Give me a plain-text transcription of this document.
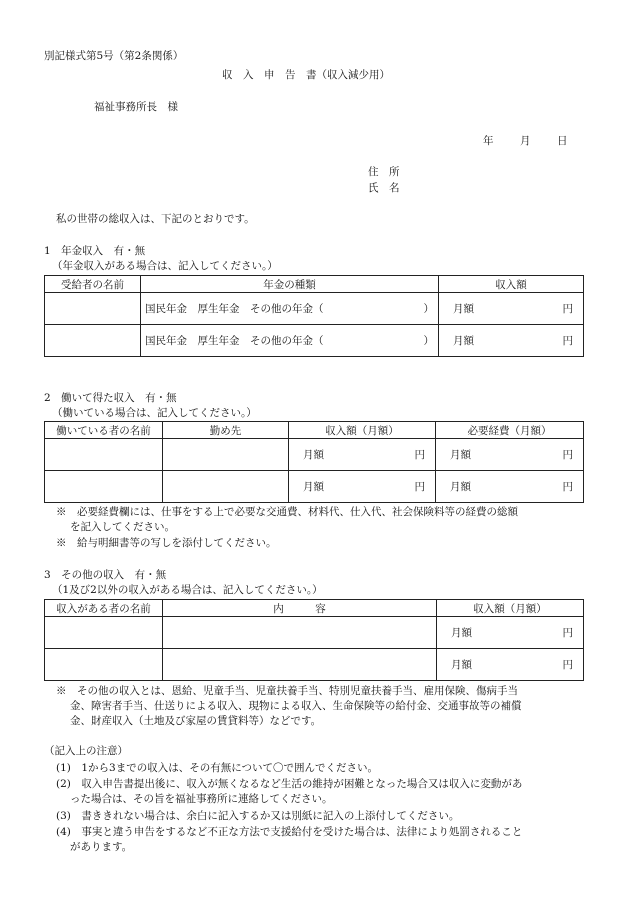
別記様式第5号（第2条関係）
収　入　申　告　書（収入減少用）
福祉事務所長　様
年	月	日
住　所
氏　名
私の世帯の総収入は、下記のとおりです。
1　年金収入　有・無
（年金収入がある場合は、記入してください。）
受給者の名前	年金の種類	収入額

	国民年金　厚生年金　その他の年金（ ）	月額 円

	国民年金　厚生年金　その他の年金（ ）	月額 円
2　働いて得た収入　有・無
（働いている場合は、記入してください。）
働いている者の名前	勤め先	収入額（月額）	必要経費（月額）

		月額 円	月額 円

		月額 円	月額 円
※　必要経費欄には、仕事をする上で必要な交通費、材料代、仕入代、社会保険料等の経費の総額
を記入してください。
※　給与明細書等の写しを添付してください。
3　その他の収入　有・無
（1及び2以外の収入がある場合は、記入してください。）
収入がある者の名前	内　　　容	収入額（月額）

		月額 円

		月額 円
※　その他の収入とは、恩給、児童手当、児童扶養手当、特別児童扶養手当、雇用保険、傷病手当
金、障害者手当、仕送りによる収入、現物による収入、生命保険等の給付金、交通事故等の補償
金、財産収入（土地及び家屋の賃貸料等）などです。
（記入上の注意）
(1)　1から3までの収入は、その有無について〇で囲んでください。
(2)　収入申告書提出後に、収入が無くなるなど生活の維持が困難となった場合又は収入に変動があ
った場合は、その旨を福祉事務所に連絡してください。
(3)　書ききれない場合は、余白に記入するか又は別紙に記入の上添付してください。
(4)　事実と違う申告をするなど不正な方法で支援給付を受けた場合は、法律により処罰されること
があります。
